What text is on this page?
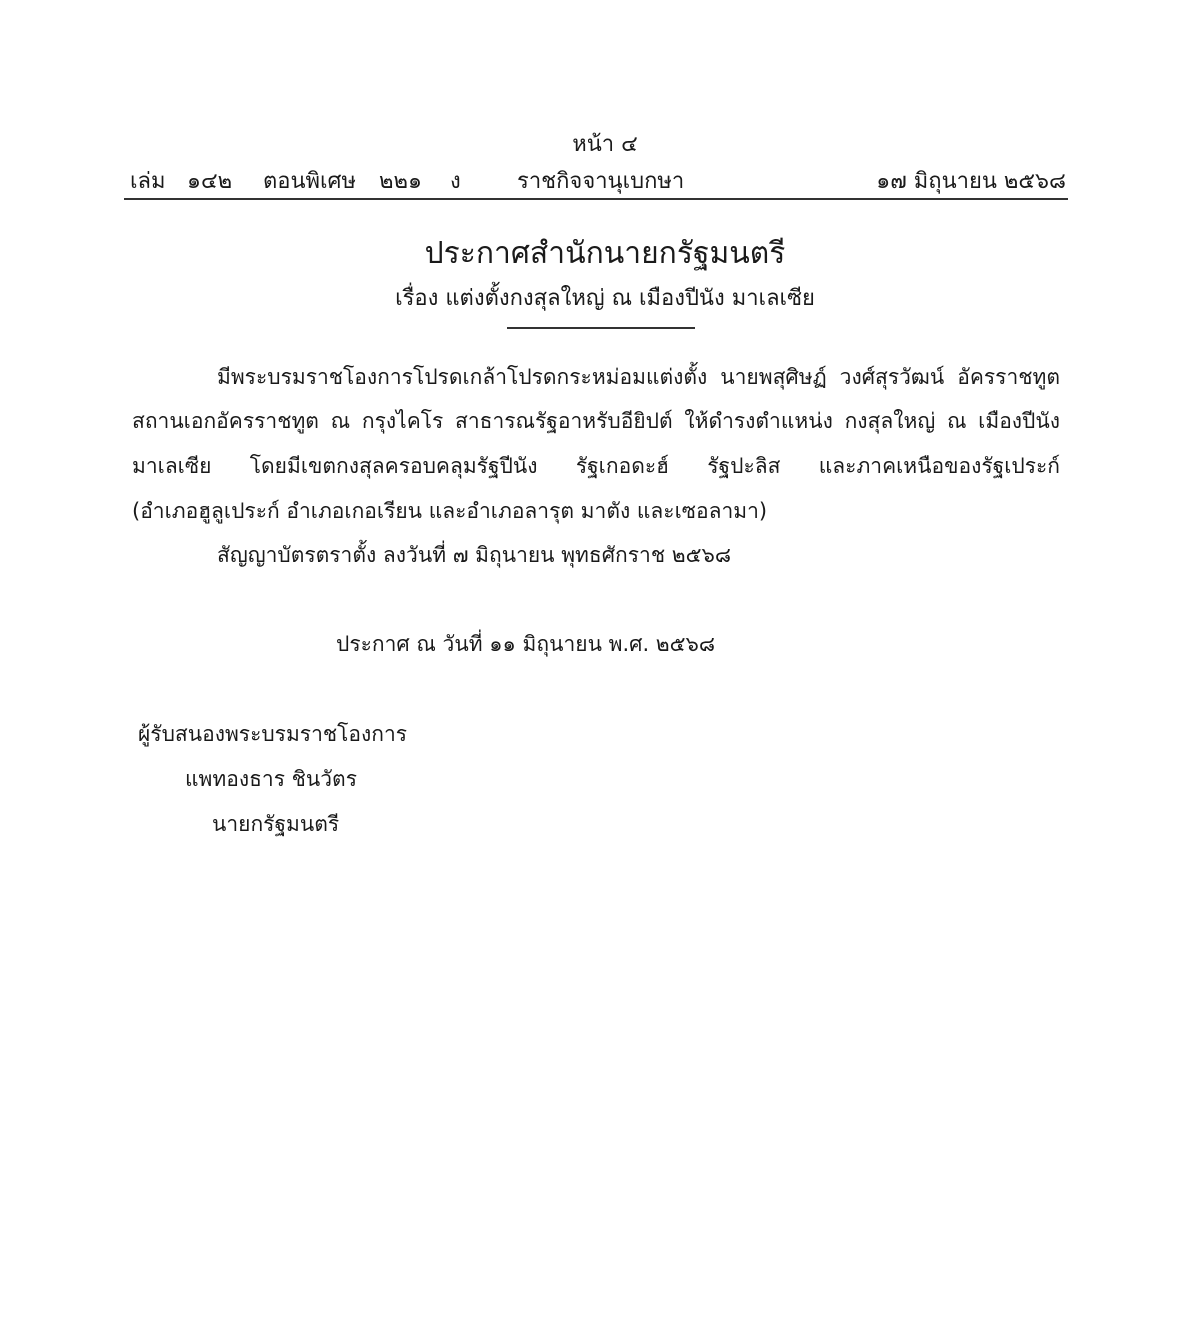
หน้า ๔
เล่ม ๑๔๒ ตอนพิเศษ ๒๒๑ ง	ราชกิจจานุเบกษา	๑๗ มิถุนายน ๒๕๖๘
ประกาศสำนักนายกรัฐมนตรี
เรื่อง แต่งตั้งกงสุลใหญ่ ณ เมืองปีนัง มาเลเซีย
มีพระบรมราชโองการโปรดเกล้าโปรดกระหม่อมแต่งตั้ง นายพสุศิษฏ์ วงศ์สุรวัฒน์ อัครราชทูต
สถานเอกอัครราชทูต ณ กรุงไคโร สาธารณรัฐอาหรับอียิปต์ ให้ดำรงตำแหน่ง กงสุลใหญ่ ณ เมืองปีนัง
มาเลเซีย โดยมีเขตกงสุลครอบคลุมรัฐปีนัง รัฐเกอดะฮ์ รัฐปะลิส และภาคเหนือของรัฐเประก์
(อำเภอฮูลูเประก์ อำเภอเกอเรียน และอำเภอลารุต มาตัง และเซอลามา)
สัญญาบัตรตราตั้ง ลงวันที่ ๗ มิถุนายน พุทธศักราช ๒๕๖๘
ประกาศ ณ วันที่ ๑๑ มิถุนายน พ.ศ. ๒๕๖๘
ผู้รับสนองพระบรมราชโองการ
แพทองธาร ชินวัตร
นายกรัฐมนตรี
